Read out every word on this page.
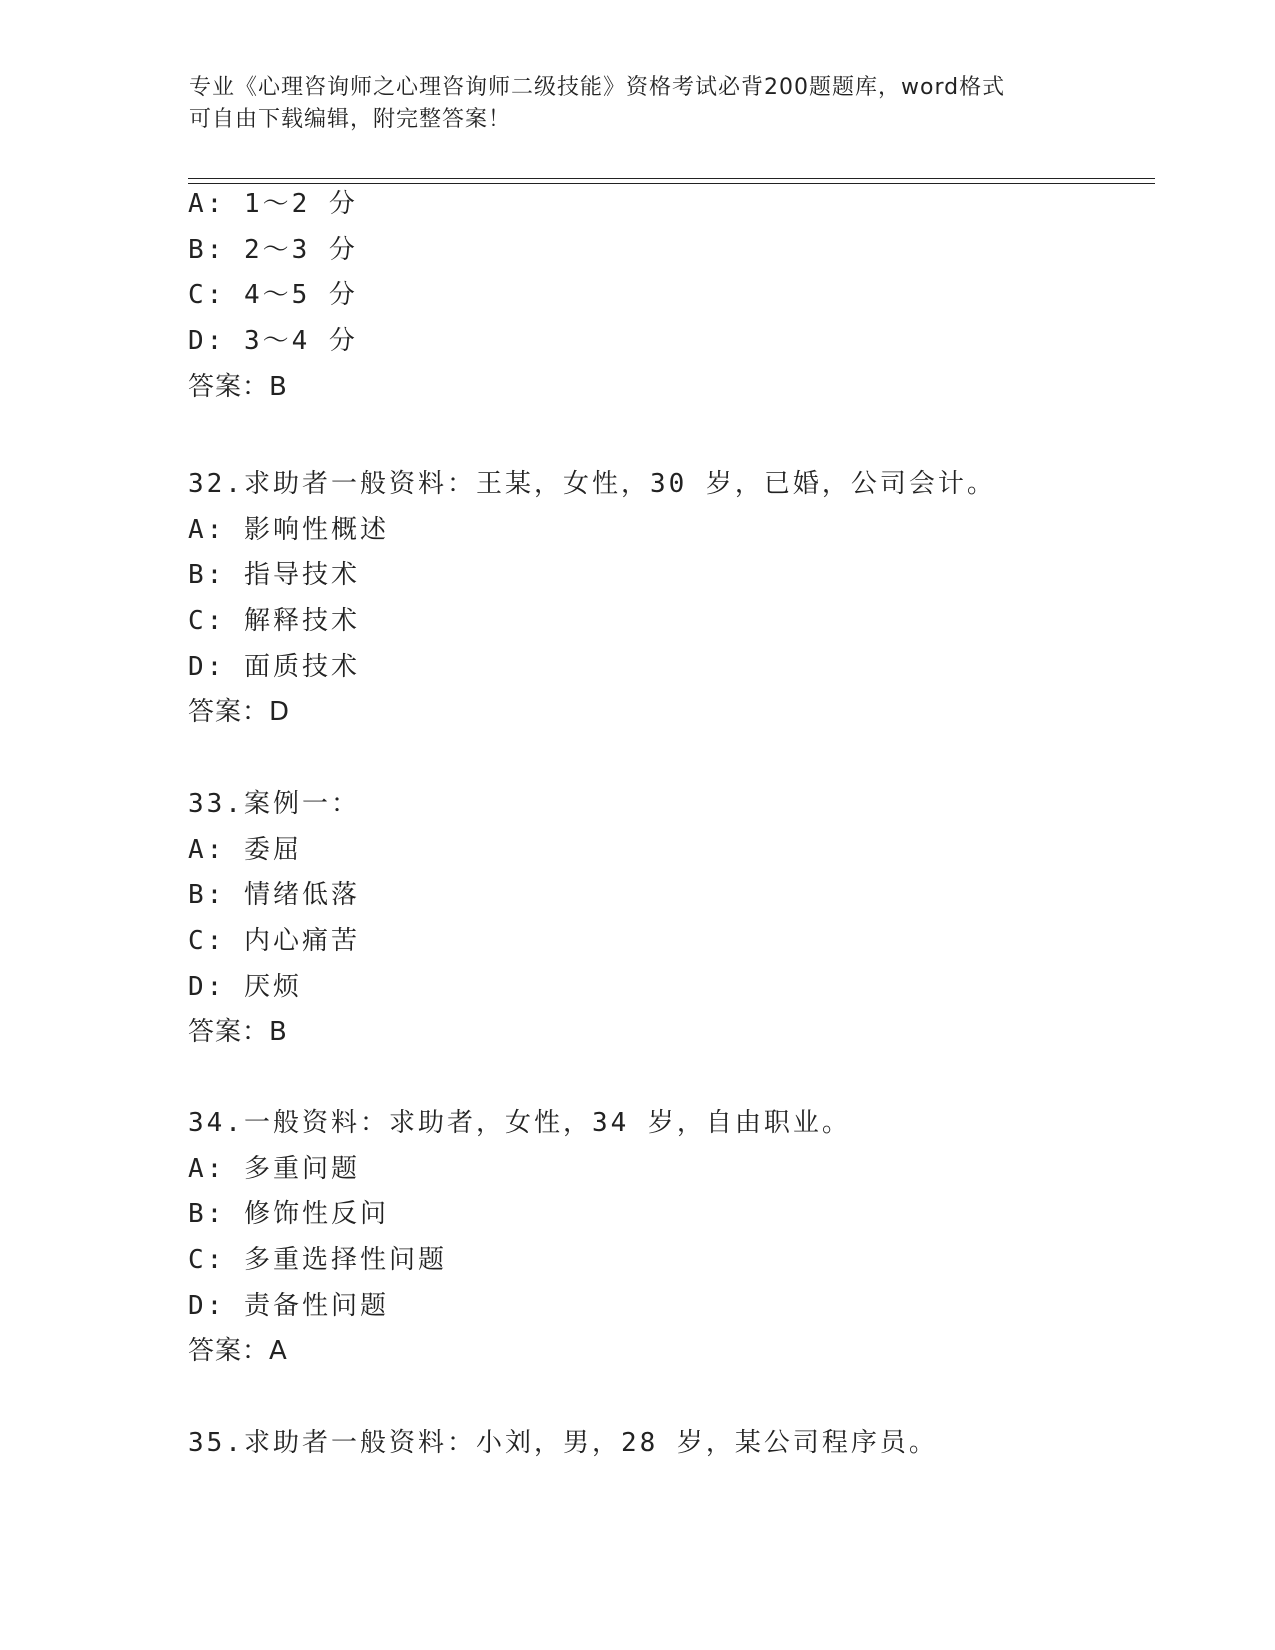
专业《心理咨询师之心理咨询师二级技能》资格考试必背200题题库，word格式
可自由下载编辑，附完整答案！
A: 1～2 分
B: 2～3 分
C: 4～5 分
D: 3～4 分
答案：B
32.求助者一般资料：王某，女性，30 岁，已婚，公司会计。
A: 影响性概述
B: 指导技术
C: 解释技术
D: 面质技术
答案：D
33.案例一：
A: 委屈
B: 情绪低落
C: 内心痛苦
D: 厌烦
答案：B
34.一般资料：求助者，女性，34 岁，自由职业。
A: 多重问题
B: 修饰性反问
C: 多重选择性问题
D: 责备性问题
答案：A
35.求助者一般资料：小刘，男，28 岁，某公司程序员。
